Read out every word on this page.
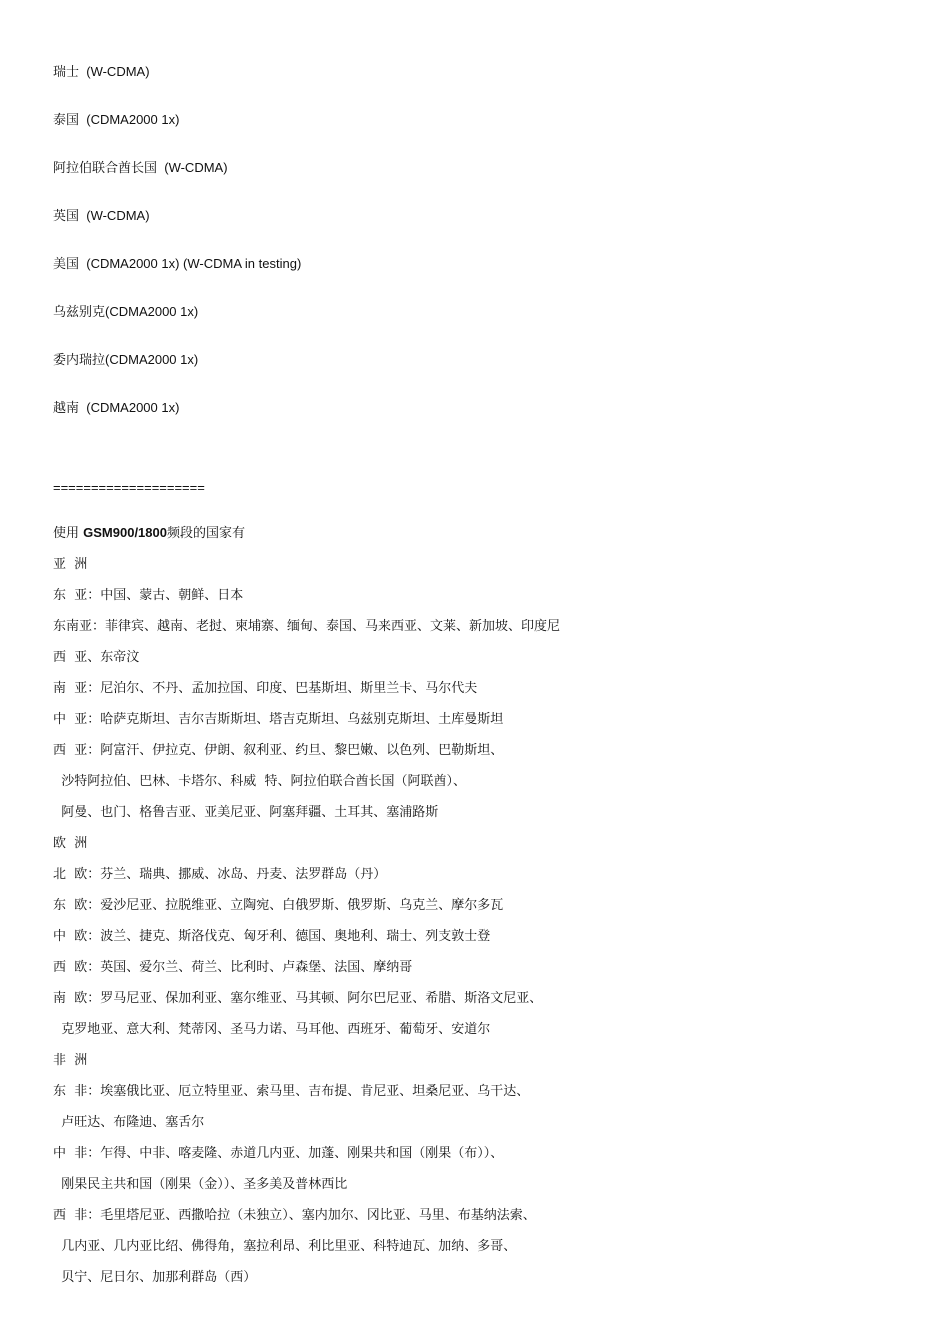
瑞士  (W-CDMA)
泰国  (CDMA2000 1x)
阿拉伯联合酋长国  (W-CDMA)
英国  (W-CDMA)
美国  (CDMA2000 1x) (W-CDMA in testing)
乌兹别克(CDMA2000 1x)
委内瑞拉(CDMA2000 1x)
越南  (CDMA2000 1x)
====================
使用 GSM900/1800频段的国家有
亚  洲
东  亚：中国、蒙古、朝鲜、日本
东南亚：菲律宾、越南、老挝、柬埔寨、缅甸、泰国、马来西亚、文莱、新加坡、印度尼
西  亚、东帝汶
南  亚：尼泊尔、不丹、孟加拉国、印度、巴基斯坦、斯里兰卡、马尔代夫
中  亚：哈萨克斯坦、吉尔吉斯斯坦、塔吉克斯坦、乌兹别克斯坦、土库曼斯坦
西  亚：阿富汗、伊拉克、伊朗、叙利亚、约旦、黎巴嫩、以色列、巴勒斯坦、
沙特阿拉伯、巴林、卡塔尔、科威  特、阿拉伯联合酋长国（阿联酋）、
阿曼、也门、格鲁吉亚、亚美尼亚、阿塞拜疆、土耳其、塞浦路斯
欧  洲
北  欧：芬兰、瑞典、挪威、冰岛、丹麦、法罗群岛（丹）
东  欧：爱沙尼亚、拉脱维亚、立陶宛、白俄罗斯、俄罗斯、乌克兰、摩尔多瓦
中  欧：波兰、捷克、斯洛伐克、匈牙利、德国、奥地利、瑞士、列支敦士登
西  欧：英国、爱尔兰、荷兰、比利时、卢森堡、法国、摩纳哥
南  欧：罗马尼亚、保加利亚、塞尔维亚、马其顿、阿尔巴尼亚、希腊、斯洛文尼亚、
克罗地亚、意大利、梵蒂冈、圣马力诺、马耳他、西班牙、葡萄牙、安道尔
非  洲
东  非：埃塞俄比亚、厄立特里亚、索马里、吉布提、肯尼亚、坦桑尼亚、乌干达、
卢旺达、布隆迪、塞舌尔
中  非：乍得、中非、喀麦隆、赤道几内亚、加蓬、刚果共和国（刚果（布））、
刚果民主共和国（刚果（金））、圣多美及普林西比
西  非：毛里塔尼亚、西撒哈拉（未独立）、塞内加尔、冈比亚、马里、布基纳法索、
几内亚、几内亚比绍、佛得角，塞拉利昂、利比里亚、科特迪瓦、加纳、多哥、
贝宁、尼日尔、加那利群岛（西）
